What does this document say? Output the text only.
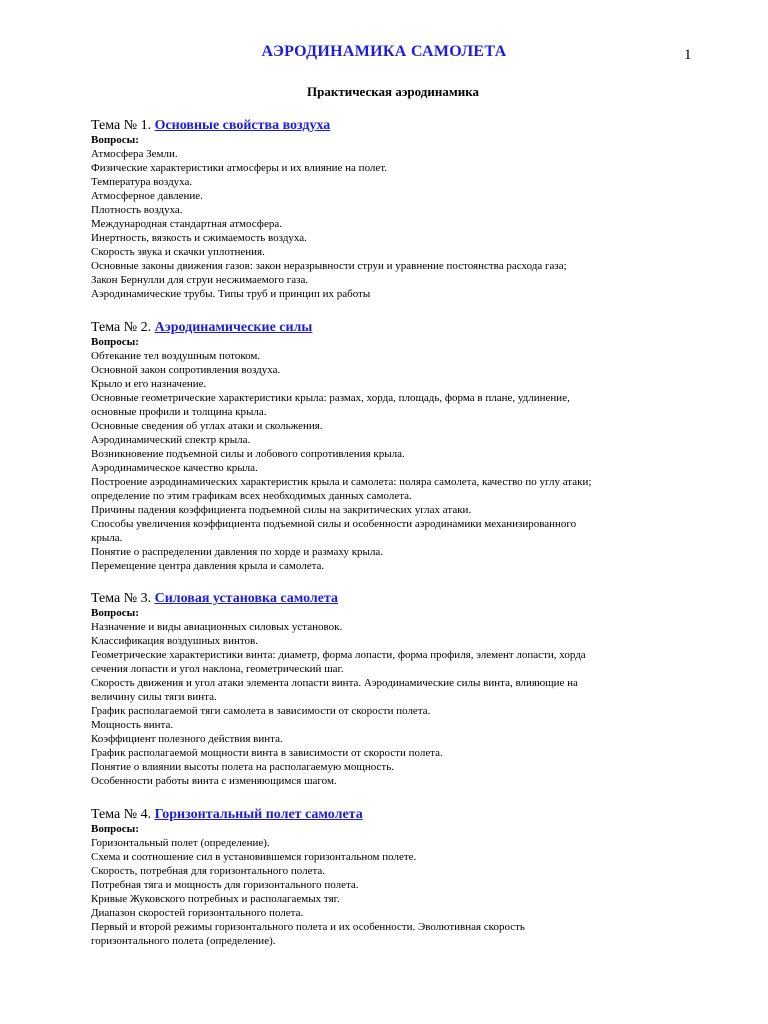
1
АЭРОДИНАМИКА САМОЛЕТА
Практическая аэродинамика

Тема № 1. Основные свойства воздуха

Вопросы:
Атмосфера Земли.
Физические характеристики атмосферы и их влияние на полет.
Температура воздуха.
Атмосферное давление.
Плотность воздуха.
Международная стандартная атмосфера.
Инертность, вязкость и сжимаемость воздуха.
Скорость звука и скачки уплотнения.
Основные законы движения газов: закон неразрывности струи и уравнение постоянства расхода газа;
Закон Бернулли для струи несжимаемого газа.
Аэродинамические трубы. Типы труб и принцип их работы

Тема № 2. Аэродинамические силы

Вопросы:
Обтекание тел воздушным потоком.
Основной закон сопротивления воздуха.
Крыло и его назначение.
Основные геометрические характеристики крыла: размах, хорда, площадь, форма в плане, удлинение,
основные профили и толщина крыла.
Основные сведения об углах атаки и скольжения.
Аэродинамический спектр крыла.
Возникновение подъемной силы и лобового сопротивления крыла.
Аэродинамическое качество крыла.
Построение аэродинамических характеристик крыла и самолета: поляра самолета, качество по углу атаки;
определение по этим графикам всех необходимых данных самолета.
Причины падения коэффициента подъемной силы на закритических углах атаки.
Способы увеличения коэффициента подъемной силы и особенности аэродинамики механизированного
крыла.
Понятие о распределении давления по хорде и размаху крыла.
Перемещение центра давления крыла и самолета.

Тема № 3. Силовая установка самолета

Вопросы:
Назначение и виды авиационных силовых установок.
Классификация воздушных винтов.
Геометрические характеристики винта: диаметр, форма лопасти, форма профиля, элемент лопасти, хорда
сечения лопасти и угол наклона, геометрический шаг.
Скорость движения и угол атаки элемента лопасти винта. Аэродинамические силы винта, влияющие на
величину силы тяги винта.
График располагаемой тяги самолета в зависимости от скорости полета.
Мощность винта.
Коэффициент полезного действия винта.
График располагаемой мощности винта в зависимости от скорости полета.
Понятие о влиянии высоты полета на располагаемую мощность.
Особенности работы винта с изменяющимся шагом.

Тема № 4. Горизонтальный полет самолета

Вопросы:
Горизонтальный полет (определение).
Схема и соотношение сил в установившемся горизонтальном полете.
Скорость, потребная для горизонтального полета.
Потребная тяга и мощность для горизонтального полета.
Кривые Жуковского потребных и располагаемых тяг.
Диапазон скоростей горизонтального полета.
Первый и второй режимы горизонтального полета и их особенности. Эволютивная скорость
горизонтального полета (определение).
